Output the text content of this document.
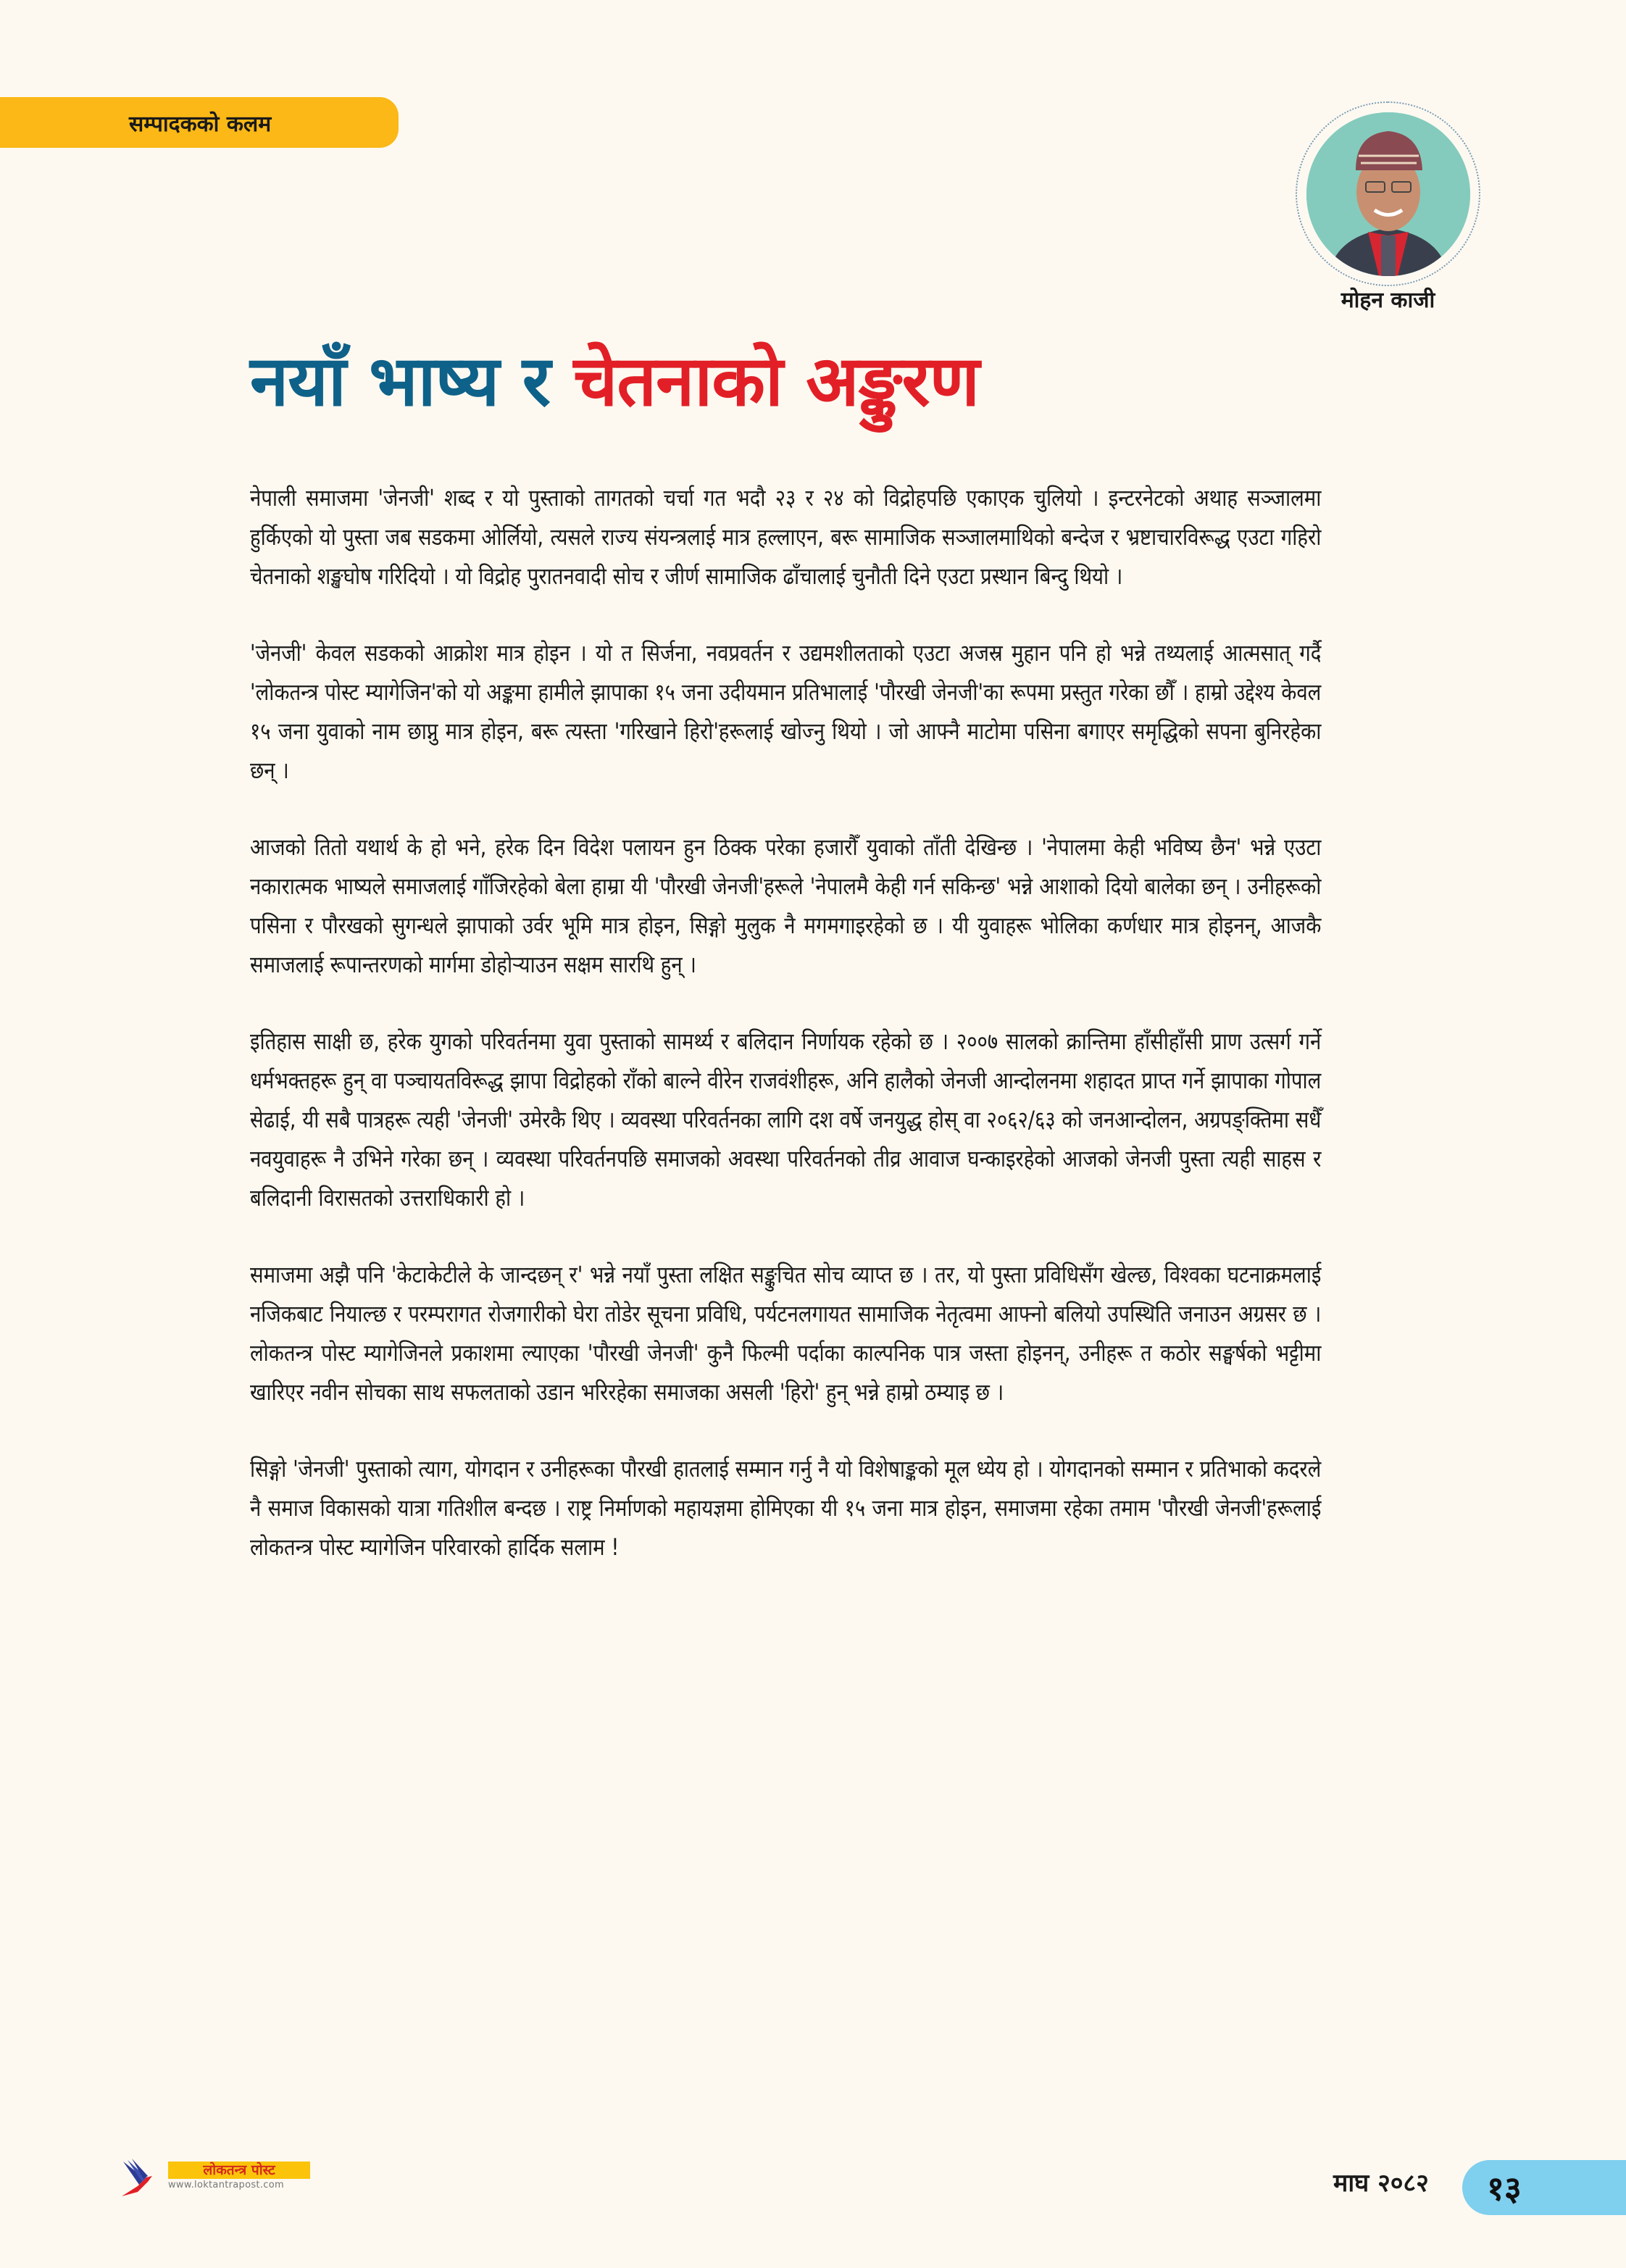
सम्पादककाे कलम
मोहन काजी
नयाँ भाष्य र चेतनाको अङ्कुरण

नेपाली समाजमा 'जेनजी' शब्द र यो पुस्ताको तागतको चर्चा गत भदौ २३ र २४ को विद्रोहपछि एकाएक चुलियो । इन्टरनेटको अथाह सञ्जालमा हुर्किएको यो पुस्ता जब सडकमा ओर्लियो, त्यसले राज्य संयन्त्रलाई मात्र हल्लाएन, बरू सामाजिक सञ्जालमाथिको बन्देज र भ्रष्टाचारविरूद्ध एउटा गहिरो चेतनाको शङ्खघोष गरिदियो । यो विद्रोह पुरातनवादी सोच र जीर्ण सामाजिक ढाँचालाई चुनौती दिने एउटा प्रस्थान बिन्दु थियो ।

'जेनजी' केवल सडकको आक्रोश मात्र होइन । यो त सिर्जना, नवप्रवर्तन र उद्यमशीलताको एउटा अजस्र मुहान पनि हो भन्ने तथ्यलाई आत्मसात् गर्दै 'लोकतन्त्र पोस्ट म्यागेजिन'को यो अङ्कमा हामीले झापाका १५ जना उदीयमान प्रतिभालाई 'पौरखी जेनजी'का रूपमा प्रस्तुत गरेका छौँ । हाम्रो उद्देश्य केवल १५ जना युवाको नाम छाप्नु मात्र होइन, बरू त्यस्ता 'गरिखाने हिरो'हरूलाई खोज्नु थियो । जो आफ्नै माटोमा पसिना बगाएर समृद्धिको सपना बुनिरहेका छन् ।

आजको तितो यथार्थ के हो भने, हरेक दिन विदेश पलायन हुन ठिक्क परेका हजारौँ युवाको ताँती देखिन्छ । 'नेपालमा केही भविष्य छैन' भन्ने एउटा नकारात्मक भाष्यले समाजलाई गाँजिरहेको बेला हाम्रा यी 'पौरखी जेनजी'हरूले 'नेपालमै केही गर्न सकिन्छ' भन्ने आशाको दियो बालेका छन् । उनीहरूको पसिना र पौरखको सुगन्धले झापाको उर्वर भूमि मात्र होइन, सिङ्गो मुलुक नै मगमगाइरहेको छ । यी युवाहरू भोलिका कर्णधार मात्र होइनन्, आजकै समाजलाई रूपान्तरणको मार्गमा डोहोर्‍याउन सक्षम सारथि हुन् ।

इतिहास साक्षी छ, हरेक युगको परिवर्तनमा युवा पुस्ताको सामर्थ्य र बलिदान निर्णायक रहेको छ । २००७ सालको क्रान्तिमा हाँसीहाँसी प्राण उत्सर्ग गर्ने धर्मभक्तहरू हुन् वा पञ्चायतविरूद्ध झापा विद्रोहको राँको बाल्ने वीरेन राजवंशीहरू, अनि हालैको जेनजी आन्दोलनमा शहादत प्राप्त गर्ने झापाका गोपाल सेढाई, यी सबै पात्रहरू त्यही 'जेनजी' उमेरकै थिए । व्यवस्था परिवर्तनका लागि दश वर्षे जनयुद्ध होस् वा २०६२/६३ को जनआन्दोलन, अग्रपङ्क्तिमा सधैँ नवयुवाहरू नै उभिने गरेका छन् । व्यवस्था परिवर्तनपछि समाजको अवस्था परिवर्तनको तीव्र आवाज घन्काइरहेको आजको जेनजी पुस्ता त्यही साहस र बलिदानी विरासतको उत्तराधिकारी हो ।

समाजमा अझै पनि 'केटाकेटीले के जान्दछन् र' भन्ने नयाँ पुस्ता लक्षित सङ्कुचित सोच व्याप्त छ । तर, यो पुस्ता प्रविधिसँग खेल्छ, विश्वका घटनाक्रमलाई नजिकबाट नियाल्छ र परम्परागत रोजगारीको घेरा तोडेर सूचना प्रविधि, पर्यटनलगायत सामाजिक नेतृत्वमा आफ्नो बलियो उपस्थिति जनाउन अग्रसर छ । लोकतन्त्र पोस्ट म्यागेजिनले प्रकाशमा ल्याएका 'पौरखी जेनजी' कुनै फिल्मी पर्दाका काल्पनिक पात्र जस्ता होइनन्, उनीहरू त कठोर सङ्घर्षको भट्टीमा खारिएर नवीन सोचका साथ सफलताको उडान भरिरहेका समाजका असली 'हिरो' हुन् भन्ने हाम्रो ठम्याइ छ ।

सिङ्गो 'जेनजी' पुस्ताको त्याग, योगदान र उनीहरूका पौरखी हातलाई सम्मान गर्नु नै यो विशेषाङ्कको मूल ध्येय हो । योगदानको सम्मान र प्रतिभाको कदरले नै समाज विकासको यात्रा गतिशील बन्दछ । राष्ट्र निर्माणको महायज्ञमा होमिएका यी १५ जना मात्र होइन, समाजमा रहेका तमाम 'पौरखी जेनजी'हरूलाई लोकतन्त्र पोस्ट म्यागेजिन परिवारको हार्दिक सलाम !

लोकतन्त्र पोस्ट
www.loktantrapost.com	माघ २०८२ १३
